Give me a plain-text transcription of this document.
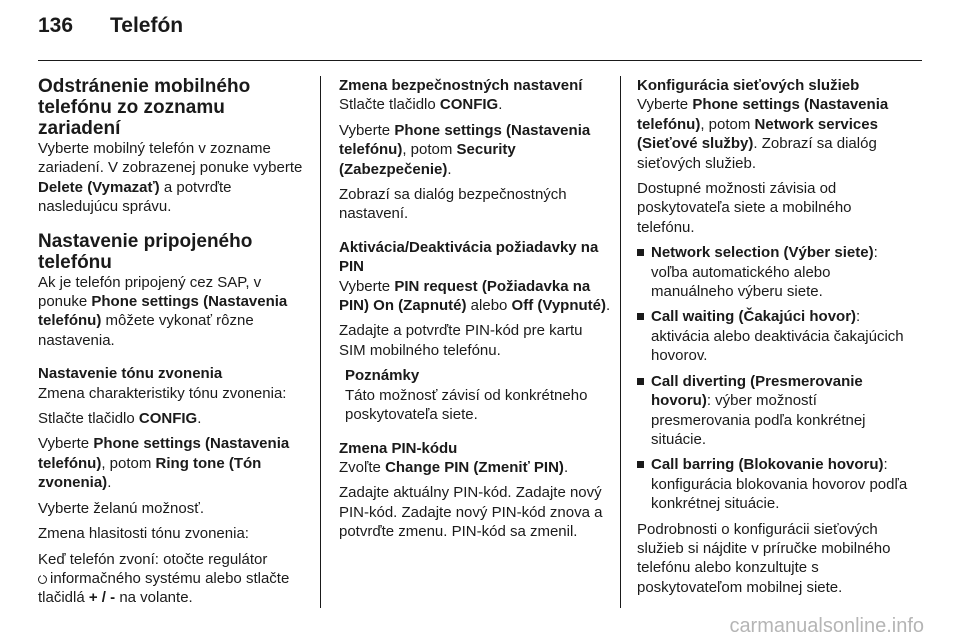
136 Telefón
Odstránenie mobilného telefónu zo zoznamu zariadení

Vyberte mobilný telefón v zozname zariadení. V zobrazenej ponuke vyberte Delete (Vymazať) a potvrďte nasledujúcu správu.

Nastavenie pripojeného telefónu

Ak je telefón pripojený cez SAP, v ponuke Phone settings (Nastavenia telefónu) môžete vykonať rôzne nastavenia.

Nastavenie tónu zvonenia

Zmena charakteristiky tónu zvonenia:

Stlačte tlačidlo CONFIG.

Vyberte Phone settings (Nastavenia telefónu), potom Ring tone (Tón zvonenia).

Vyberte želanú možnosť.

Zmena hlasitosti tónu zvonenia:

Keď telefón zvoní: otočte regulátor
informačného systému alebo stlačte tlačidlá + / - na volante.

Zmena bezpečnostných nastavení

Stlačte tlačidlo CONFIG.

Vyberte Phone settings (Nastavenia telefónu), potom Security (Zabezpečenie).

Zobrazí sa dialóg bezpečnostných nastavení.

Aktivácia/Deaktivácia požiadavky na PIN

Vyberte PIN request (Požiadavka na PIN) On (Zapnuté) alebo Off (Vypnuté).

Zadajte a potvrďte PIN-kód pre kartu SIM mobilného telefónu.

Poznámky
Táto možnosť závisí od konkrétneho poskytovateľa siete.
Zmena PIN-kódu

Zvoľte Change PIN (Zmeniť PIN).

Zadajte aktuálny PIN-kód. Zadajte nový PIN-kód. Zadajte nový PIN-kód znova a potvrďte zmenu. PIN-kód sa zmenil.

Konfigurácia sieťových služieb

Vyberte Phone settings (Nastavenia telefónu), potom Network services (Sieťové služby). Zobrazí sa dialóg sieťových služieb.

Dostupné možnosti závisia od poskytovateľa siete a mobilného telefónu.

Network selection (Výber siete): voľba automatického alebo manuálneho výberu siete.
Call waiting (Čakajúci hovor): aktivácia alebo deaktivácia čakajúcich hovorov.
Call diverting (Presmerovanie hovoru): výber možností presmerovania podľa konkrétnej situácie.
Call barring (Blokovanie hovoru): konfigurácia blokovania hovorov podľa konkrétnej situácie.

Podrobnosti o konfigurácii sieťových služieb si nájdite v príručke mobilného telefónu alebo konzultujte s poskytovateľom mobilnej siete.

carmanualsonline.info
